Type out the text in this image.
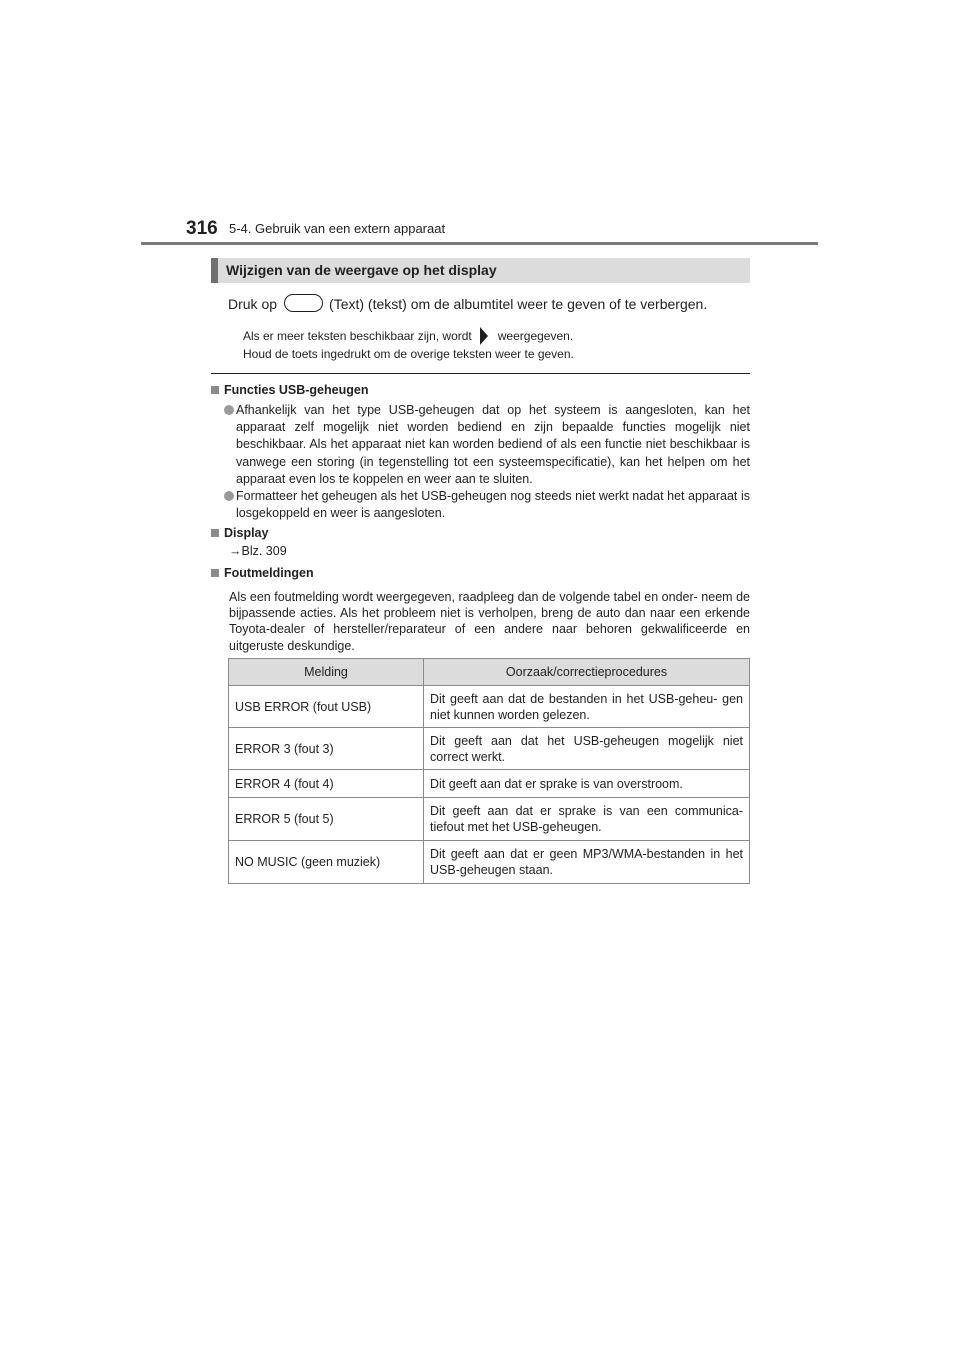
316 5-4. Gebruik van een extern apparaat
Wijzigen van de weergave op het display
Druk op	(Text) (tekst) om de albumtitel weer te geven of te verbergen.
Als er meer teksten beschikbaar zijn, wordt weergegeven.
Houd de toets ingedrukt om de overige teksten weer te geven.
Functies USB-geheugen
Afhankelijk van het type USB-geheugen dat op het systeem is aangesloten, kan het apparaat zelf mogelijk niet worden bediend en zijn bepaalde functies mogelijk niet beschikbaar. Als het apparaat niet kan worden bediend of als een functie niet beschikbaar is vanwege een storing (in tegenstelling tot een systeemspecificatie), kan het helpen om het apparaat even los te koppelen en weer aan te sluiten.
Formatteer het geheugen als het USB-geheugen nog steeds niet werkt nadat het apparaat is losgekoppeld en weer is aangesloten.
Display
→Blz. 309
Foutmeldingen
Als een foutmelding wordt weergegeven, raadpleeg dan de volgende tabel en onder- neem de bijpassende acties. Als het probleem niet is verholpen, breng de auto dan naar een erkende Toyota-dealer of hersteller/reparateur of een andere naar behoren gekwalificeerde en uitgeruste deskundige.
Melding	Oorzaak/correctieprocedures
USB ERROR (fout USB)	Dit geeft aan dat de bestanden in het USB-geheu- gen niet kunnen worden gelezen.
ERROR 3 (fout 3)	Dit geeft aan dat het USB-geheugen mogelijk niet correct werkt.
ERROR 4 (fout 4)	Dit geeft aan dat er sprake is van overstroom.
ERROR 5 (fout 5)	Dit geeft aan dat er sprake is van een communica- tiefout met het USB-geheugen.
NO MUSIC (geen muziek)	Dit geeft aan dat er geen MP3/WMA-bestanden in het USB-geheugen staan.
